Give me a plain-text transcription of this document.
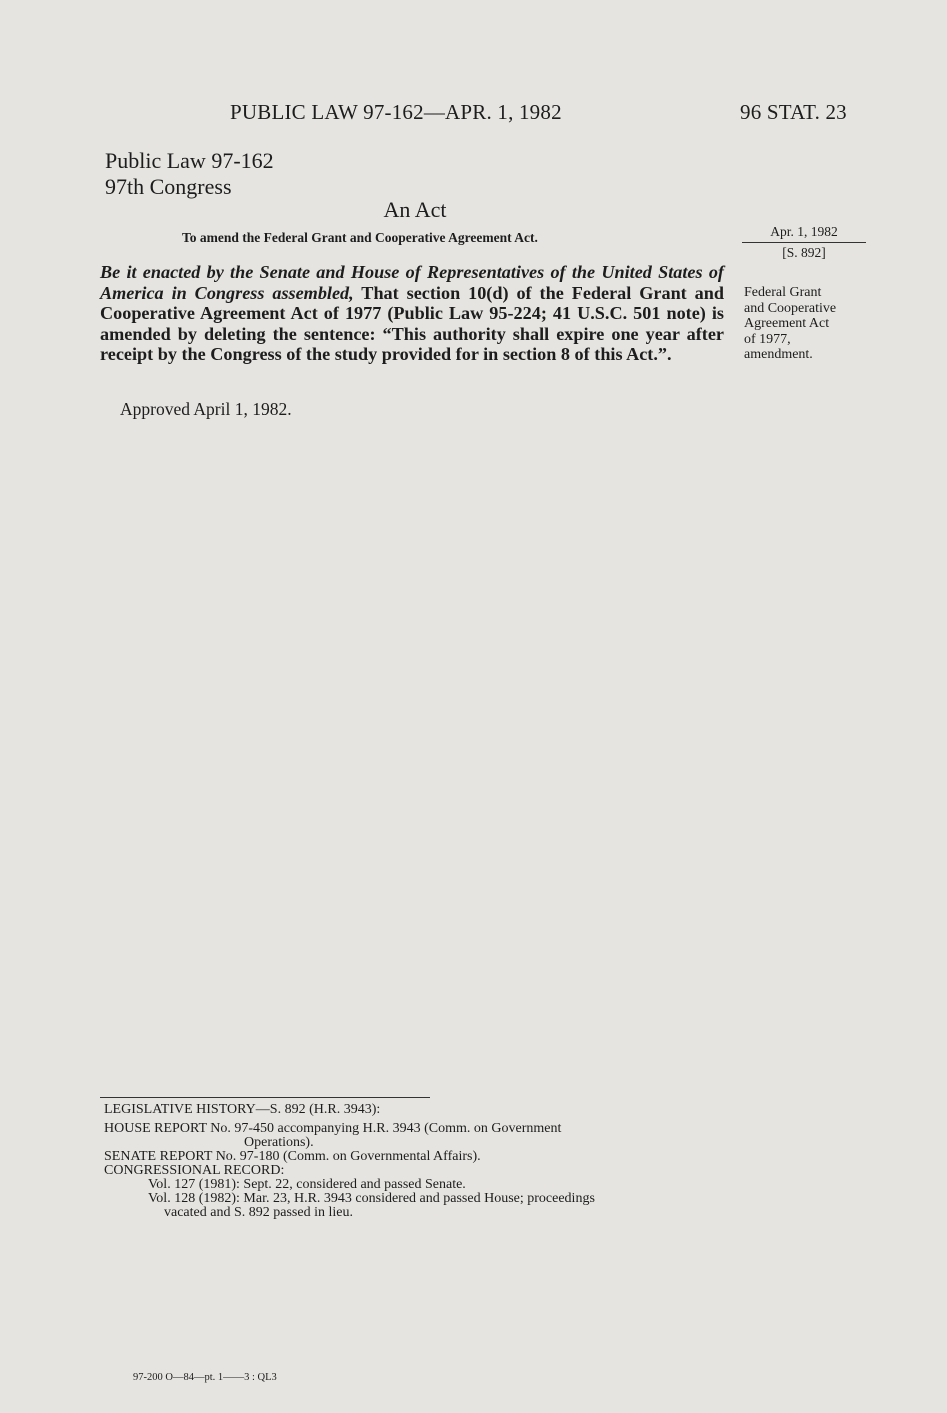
PUBLIC LAW 97-162—APR. 1, 1982	96 STAT. 23
Public Law 97-162
97th Congress
An Act
To amend the Federal Grant and Cooperative Agreement Act.	Apr. 1, 1982
[S. 892]
Be it enacted by the Senate and House of Representatives of the United States of America in Congress assembled, That section 10(d) of the Federal Grant and Cooperative Agreement Act of 1977 (Public Law 95-224; 41 U.S.C. 501 note) is amended by deleting the sentence: “This authority shall expire one year after receipt by the Congress of the study provided for in section 8 of this Act.”.
Federal Grant
and Cooperative
Agreement Act
of 1977,
amendment.
Approved April 1, 1982.
LEGISLATIVE HISTORY—S. 892 (H.R. 3943):
HOUSE REPORT No. 97-450 accompanying H.R. 3943 (Comm. on Government
Operations).
SENATE REPORT No. 97-180 (Comm. on Governmental Affairs).
CONGRESSIONAL RECORD:
Vol. 127 (1981): Sept. 22, considered and passed Senate.
Vol. 128 (1982): Mar. 23, H.R. 3943 considered and passed House; proceedings
vacated and S. 892 passed in lieu.
97-200 O—84—pt. 1——3 : QL3
